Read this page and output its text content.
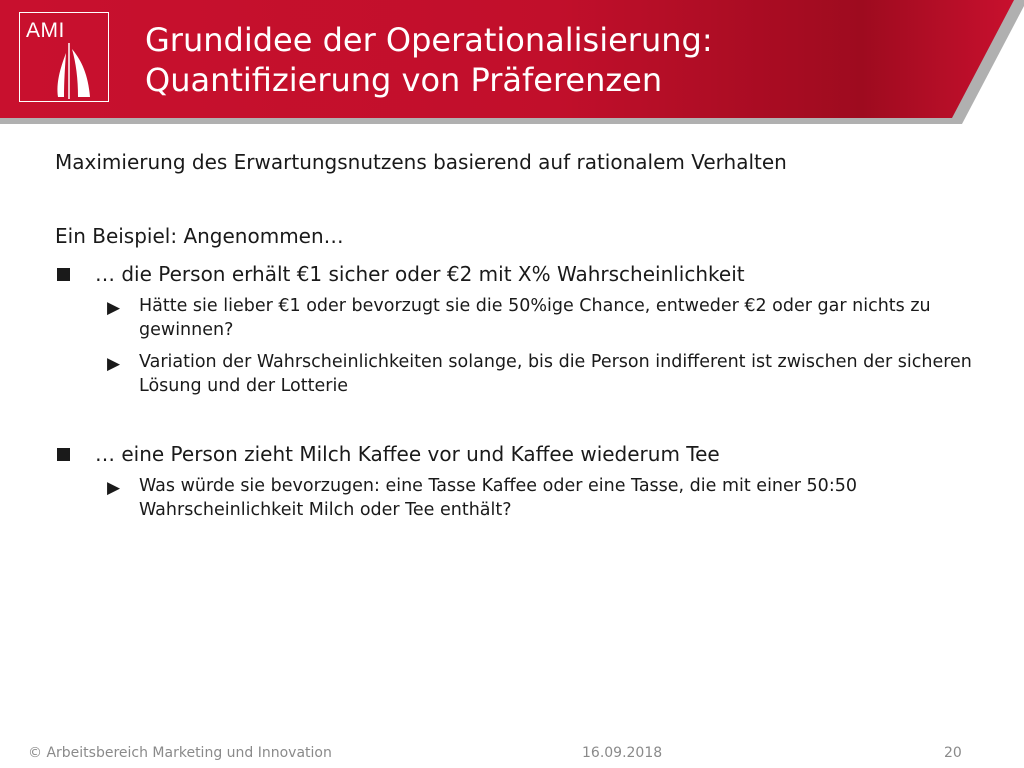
AMI	Grundidee der Operationalisierung:
Quantifizierung von Präferenzen

Maximierung des Erwartungsnutzens basierend auf rationalem Verhalten

Ein Beispiel: Angenommen…

… die Person erhält €1 sicher oder €2 mit X% Wahrscheinlichkeit
▶ Hätte sie lieber €1 oder bevorzugt sie die 50%ige Chance, entweder €2 oder gar nichts zu gewinnen?
▶ Variation der Wahrscheinlichkeiten solange, bis die Person indifferent ist zwischen der sicheren Lösung und der Lotterie
… eine Person zieht Milch Kaffee vor und Kaffee wiederum Tee
▶ Was würde sie bevorzugen: eine Tasse Kaffee oder eine Tasse, die mit einer 50:50 Wahrscheinlichkeit Milch oder Tee enthält?
© Arbeitsbereich Marketing und Innovation	16.09.2018	20
